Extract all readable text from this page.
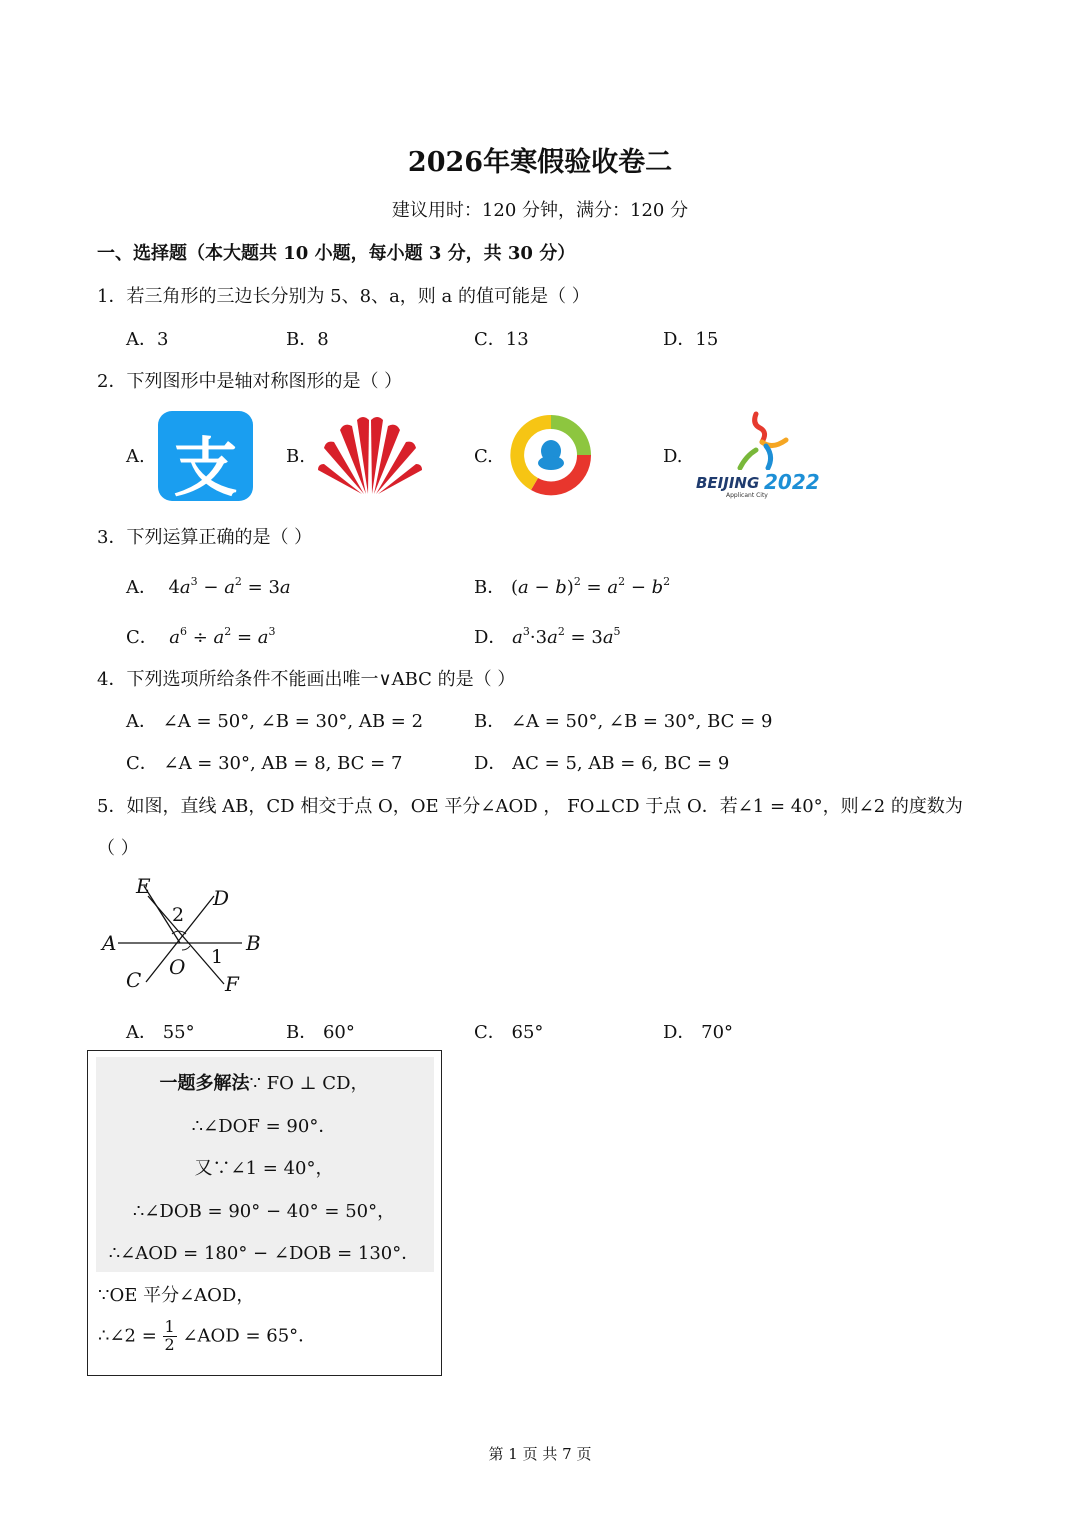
2026年寒假验收卷二
建议用时：120 分钟，满分：120 分
一、选择题（本大题共 10 小题，每小题 3 分，共 30 分）
1．若三角形的三边长分别为 5、8、a，则 a 的值可能是（ ）
A．3	B．8	C．13	D．15
2．下列图形中是轴对称图形的是（ ）
A.	B.	C.	D.
支	BEIJING 2022
Applicant City
3．下列运算正确的是（ ）
A．  $4a^3 - a^2 = 3a$	B． $(a - b)^2 = a^2 - b^2$
C． $a^6 \div a^2 = a^3$	D． $a^3\cdot 3a^2 = 3a^5$
4．下列选项所给条件不能画出唯一∨ABC 的是（ ）
A． ∠A = 50°, ∠B = 30°, AB = 2	B． ∠A = 50°, ∠B = 30°, BC = 9
C． ∠A = 30°, AB = 8, BC = 7	D． AC = 5, AB = 6, BC = 9
5．如图，直线 AB，CD 相交于点 O，OE 平分∠AOD ， FO⊥CD 于点 O．若∠1 = 40°，则∠2 的度数为
（ ）
E	D
2
A	B
C
O 1
F
A． 55°	B． 60°	C． 65°	D． 70°
一题多解法∵ FO ⊥ CD，
∴∠DOF = 90°．
又∵∠1 = 40°，
∴∠DOB = 90° − 40° = 50°，
∴∠AOD = 180° − ∠DOB = 130°．
∵OE 平分∠AOD，
∴∠2 = $\frac{1}{2}$ ∠AOD = 65°．
第 1 页 共 7 页
